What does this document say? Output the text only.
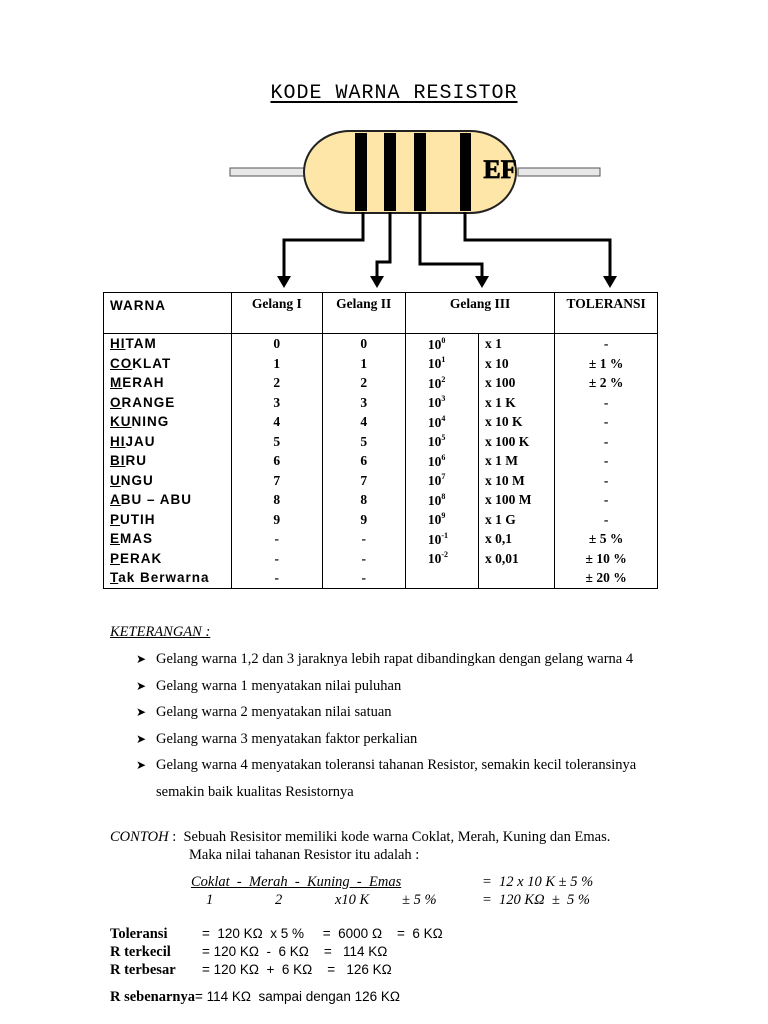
KODE WARNA RESISTOR
EF
WARNA	Gelang I	Gelang II	Gelang III		TOLERANSI
HITAM	0	0	$10^0$	x 1	-
COKLAT	1	1	$10^1$	x 10	± 1 %
MERAH	2	2	$10^2$	x 100	± 2 %
ORANGE	3	3	$10^3$	x 1 K	-
KUNING	4	4	$10^4$	x 10 K	-
HIJAU	5	5	$10^5$	x 100 K	-
BIRU	6	6	$10^6$	x 1 M	-
UNGU	7	7	$10^7$	x 10 M	-
ABU – ABU	8	8	$10^8$	x 100 M	-
PUTIH	9	9	$10^9$	x 1 G	-
EMAS	-	-	$10^{-1}$	x 0,1	± 5 %
PERAK	-	-	$10^{-2}$	x 0,01	± 10 %
Tak Berwarna	-	-			± 20 %
KETERANGAN :
➤ Gelang warna 1,2 dan 3 jaraknya lebih rapat dibandingkan dengan gelang warna 4
➤ Gelang warna 1 menyatakan nilai puluhan
➤ Gelang warna 2 menyatakan nilai satuan
➤ Gelang warna 3 menyatakan faktor perkalian
➤ Gelang warna 4 menyatakan toleransi tahanan Resistor, semakin kecil toleransinya
semakin baik kualitas Resistornya
CONTOH : Sebuah Resisitor memiliki kode warna Coklat, Merah, Kuning dan Emas.
Maka nilai tahanan Resistor itu adalah :
Coklat  -  Merah  -  Kuning  -  Emas
1	2	x10 K ± 5 %
=  12 x 10 K ± 5 %
=  120 KΩ  ±  5 %
Toleransi	=  120 KΩ  x 5 %     =  6000 Ω    =  6 KΩ
R terkecil = 120 KΩ  -  6 KΩ    =   114 KΩ
R terbesar = 120 KΩ  +  6 KΩ    =   126 KΩ
R sebenarnya= 114 KΩ  sampai dengan 126 KΩ
